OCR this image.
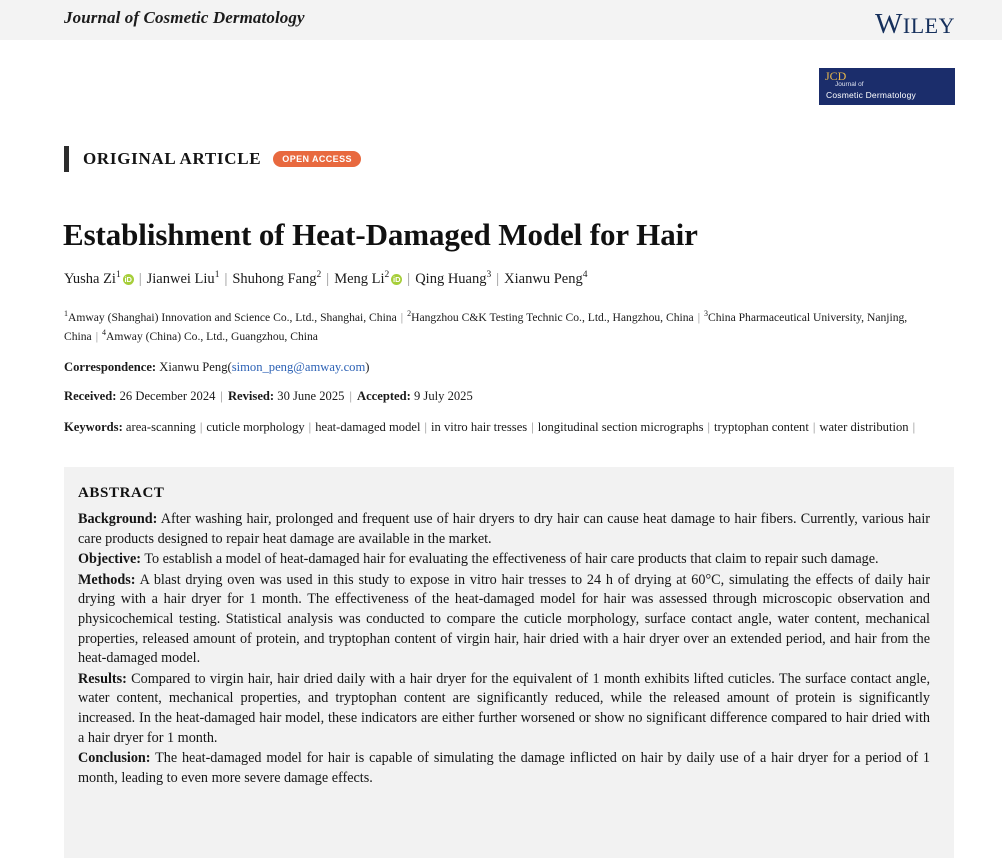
Journal of Cosmetic Dermatology	WILEY
JCD
Journal of
Cosmetic Dermatology
ORIGINAL ARTICLE	OPEN ACCESS
Establishment of Heat-Damaged Model for Hair
Yusha Zi$^1$ iD | Jianwei Liu$^1$ | Shuhong Fang$^2$ | Meng Li$^2$ iD | Qing Huang$^3$ | Xianwu Peng$^4$
$^1$Amway (Shanghai) Innovation and Science Co., Ltd., Shanghai, China | $^2$Hangzhou C&K Testing Technic Co., Ltd., Hangzhou, China | $^3$China Pharmaceutical University, Nanjing, China | $^4$Amway (China) Co., Ltd., Guangzhou, China
Correspondence: Xianwu Peng(simon_peng@amway.com)
Received: 26 December 2024 | Revised: 30 June 2025 | Accepted: 9 July 2025
Keywords: area-scanning | cuticle morphology | heat-damaged model | in vitro hair tresses | longitudinal section micrographs | tryptophan content | water distribution |
ABSTRACT
Background: After washing hair, prolonged and frequent use of hair dryers to dry hair can cause heat damage to hair fibers. Currently, various hair care products designed to repair heat damage are available in the market.
Objective: To establish a model of heat-damaged hair for evaluating the effectiveness of hair care products that claim to repair such damage.
Methods: A blast drying oven was used in this study to expose in vitro hair tresses to 24 h of drying at 60°C, simulating the effects of daily hair drying with a hair dryer for 1 month. The effectiveness of the heat-damaged model for hair was assessed through microscopic observation and physicochemical testing. Statistical analysis was conducted to compare the cuticle morphology, surface contact angle, water content, mechanical properties, released amount of protein, and tryptophan content of virgin hair, hair dried with a hair dryer over an extended period, and hair from the heat-damaged model.
Results: Compared to virgin hair, hair dried daily with a hair dryer for the equivalent of 1 month exhibits lifted cuticles. The surface contact angle, water content, mechanical properties, and tryptophan content are significantly reduced, while the released amount of protein is significantly increased. In the heat-damaged hair model, these indicators are either further worsened or show no significant difference compared to hair dried with a hair dryer for 1 month.
Conclusion: The heat-damaged model for hair is capable of simulating the damage inflicted on hair by daily use of a hair dryer for a period of 1 month, leading to even more severe damage effects.
